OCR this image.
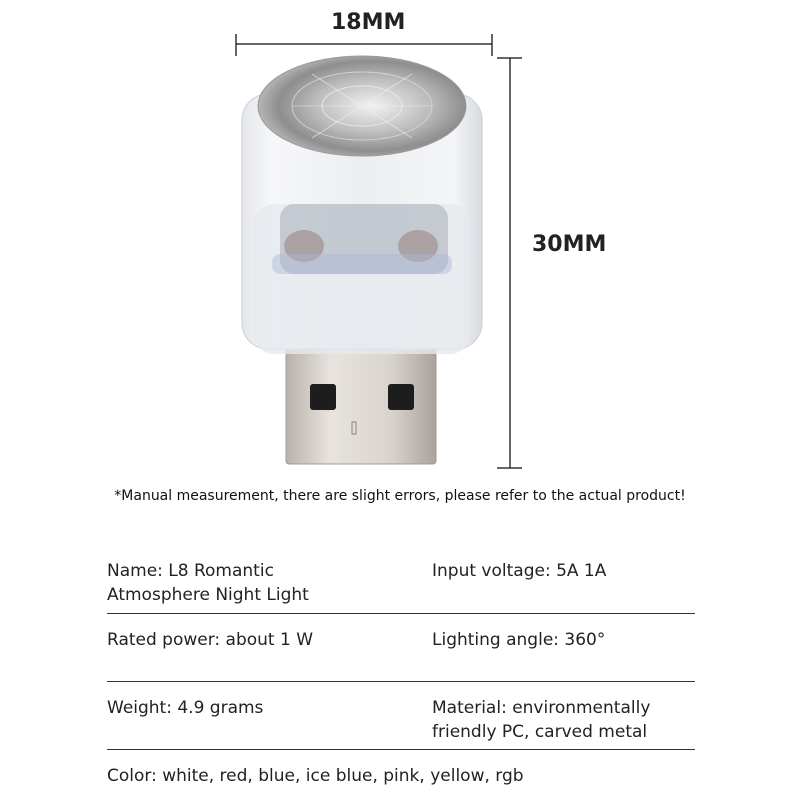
18MM
30MM
*Manual measurement, there are slight errors, please refer to the actual product!
Name: L8 Romantic
Atmosphere Night Light
Input voltage: 5A 1A
Rated power: about 1 W	Lighting angle: 360°
Weight: 4.9 grams	Material: environmentally
friendly PC, carved metal
Color: white, red, blue, ice blue, pink, yellow, rgb
